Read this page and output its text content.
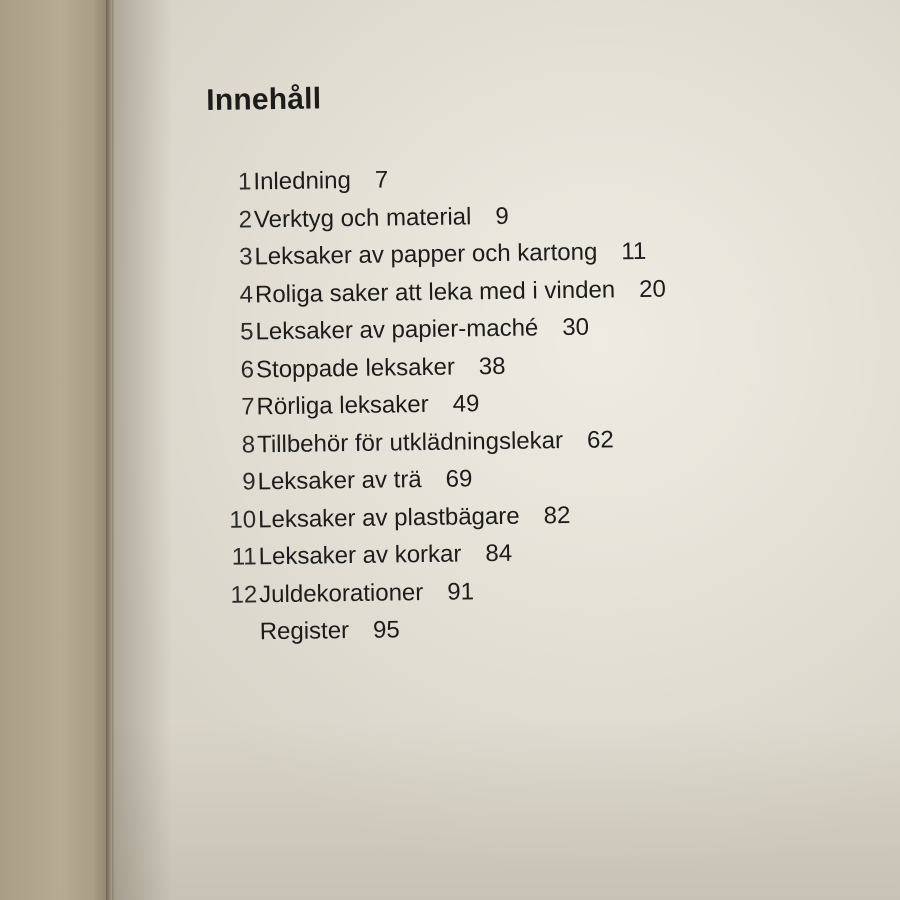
Innehåll
1 Inledning 7
2 Verktyg och material 9
3 Leksaker av papper och kartong 11
4 Roliga saker att leka med i vinden 20
5 Leksaker av papier-maché 30
6 Stoppade leksaker 38
7 Rörliga leksaker 49
8 Tillbehör för utklädningslekar 62
9 Leksaker av trä 69
10 Leksaker av plastbägare 82
11 Leksaker av korkar 84
12 Juldekorationer 91
Register 95
